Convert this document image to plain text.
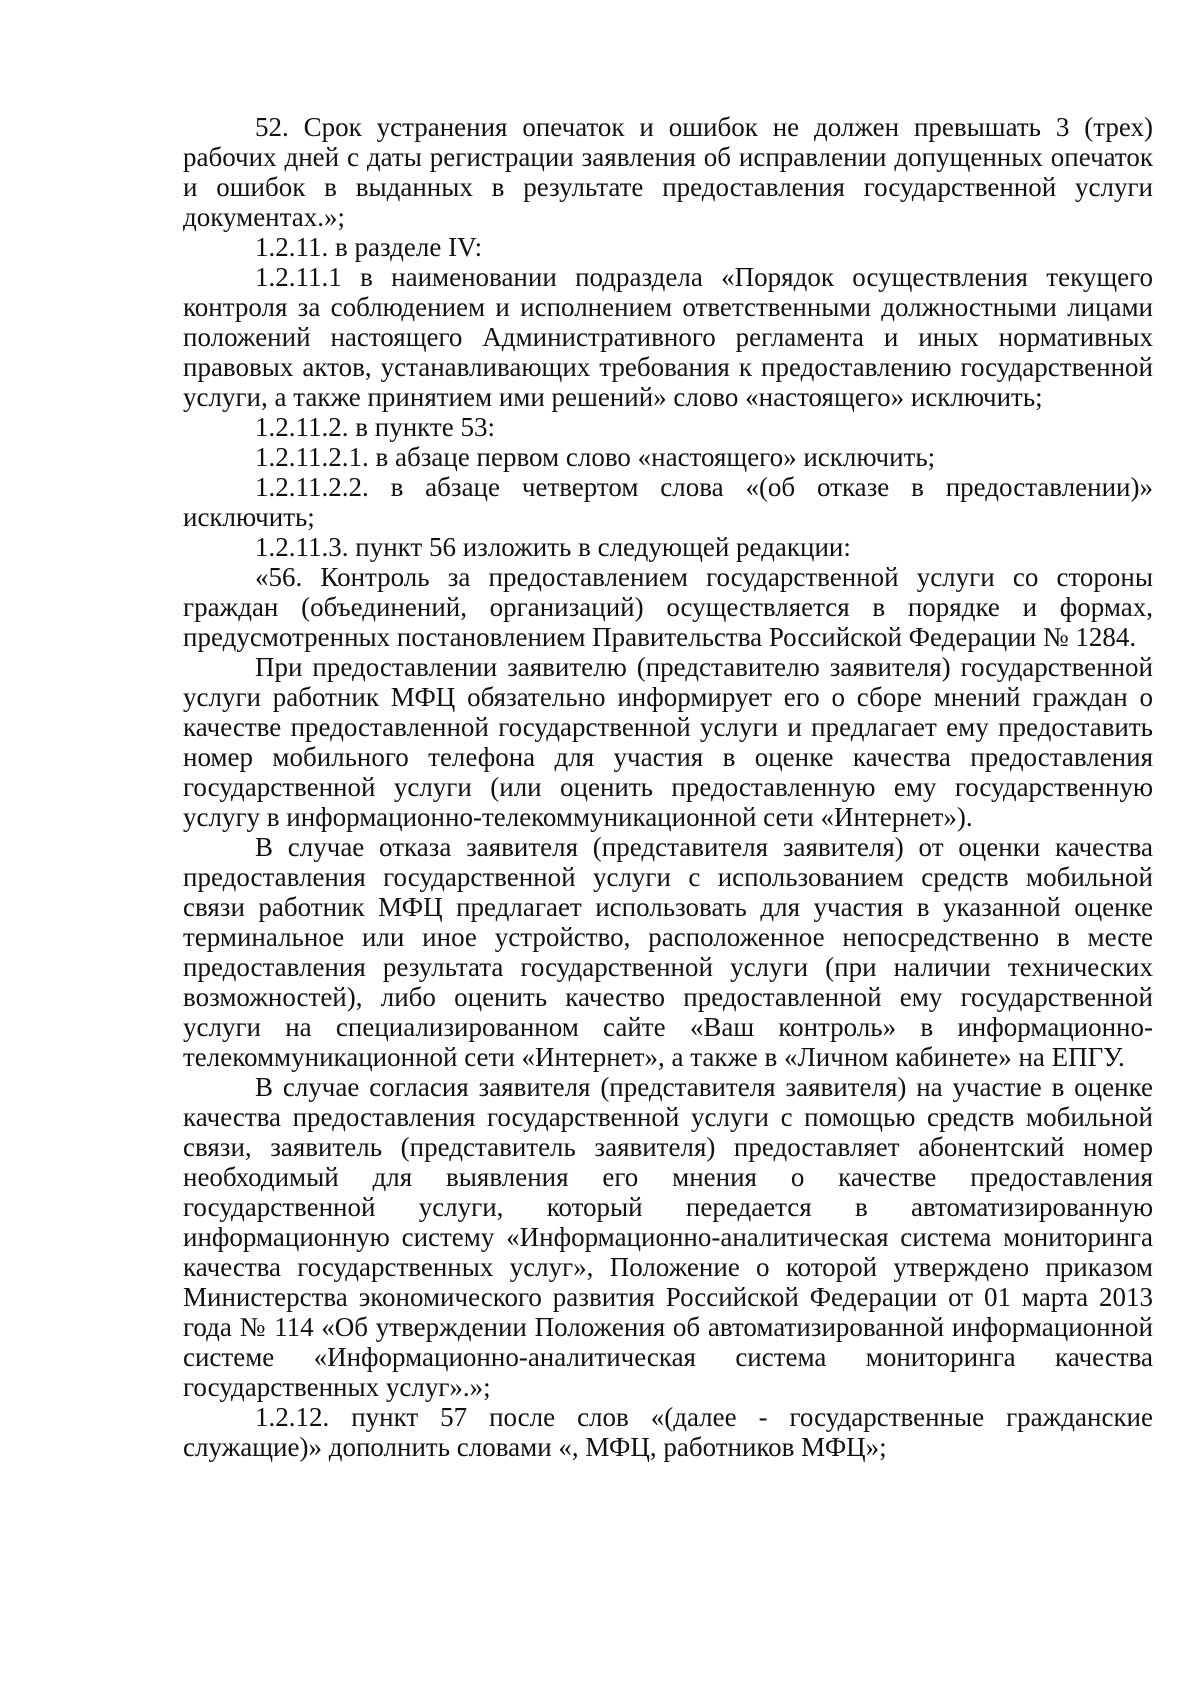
52. Срок устранения опечаток и ошибок не должен превышать 3 (трех) рабочих дней с даты регистрации заявления об исправлении допущенных опечаток и ошибок в выданных в результате предоставления государственной услуги документах.»;

1.2.11. в разделе IV:

1.2.11.1 в наименовании подраздела «Порядок осуществления текущего контроля за соблюдением и исполнением ответственными должностными лицами положений настоящего Административного регламента и иных нормативных правовых актов, устанавливающих требования к предоставлению государственной услуги, а также принятием ими решений» слово «настоящего» исключить;

1.2.11.2. в пункте 53:

1.2.11.2.1. в абзаце первом слово «настоящего» исключить;

1.2.11.2.2. в абзаце четвертом слова «(об отказе в предоставлении)» исключить;

1.2.11.3. пункт 56 изложить в следующей редакции:

«56. Контроль за предоставлением государственной услуги со стороны граждан (объединений, организаций) осуществляется в порядке и формах, предусмотренных постановлением Правительства Российской Федерации № 1284.

При предоставлении заявителю (представителю заявителя) государственной услуги работник МФЦ обязательно информирует его о сборе мнений граждан о качестве предоставленной государственной услуги и предлагает ему предоставить номер мобильного телефона для участия в оценке качества предоставления государственной услуги (или оценить предоставленную ему государственную услугу в информационно-телекоммуникационной сети «Интернет»).

В случае отказа заявителя (представителя заявителя) от оценки качества предоставления государственной услуги с использованием средств мобильной связи работник МФЦ предлагает использовать для участия в указанной оценке терминальное или иное устройство, расположенное непосредственно в месте предоставления результата государственной услуги (при наличии технических возможностей), либо оценить качество предоставленной ему государственной услуги на специализированном сайте «Ваш контроль» в информационно-телекоммуникационной сети «Интернет», а также в «Личном кабинете» на ЕПГУ.

В случае согласия заявителя (представителя заявителя) на участие в оценке качества предоставления государственной услуги с помощью средств мобильной связи, заявитель (представитель заявителя) предоставляет абонентский номер необходимый для выявления его мнения о качестве предоставления государственной услуги, который передается в автоматизированную информационную систему «Информационно-аналитическая система мониторинга качества государственных услуг», Положение о которой утверждено приказом Министерства экономического развития Российской Федерации от 01 марта 2013 года № 114 «Об утверждении Положения об автоматизированной информационной системе «Информационно-аналитическая система мониторинга качества государственных услуг».»;

1.2.12. пункт 57 после слов «(далее - государственные гражданские служащие)» дополнить словами «, МФЦ, работников МФЦ»;
